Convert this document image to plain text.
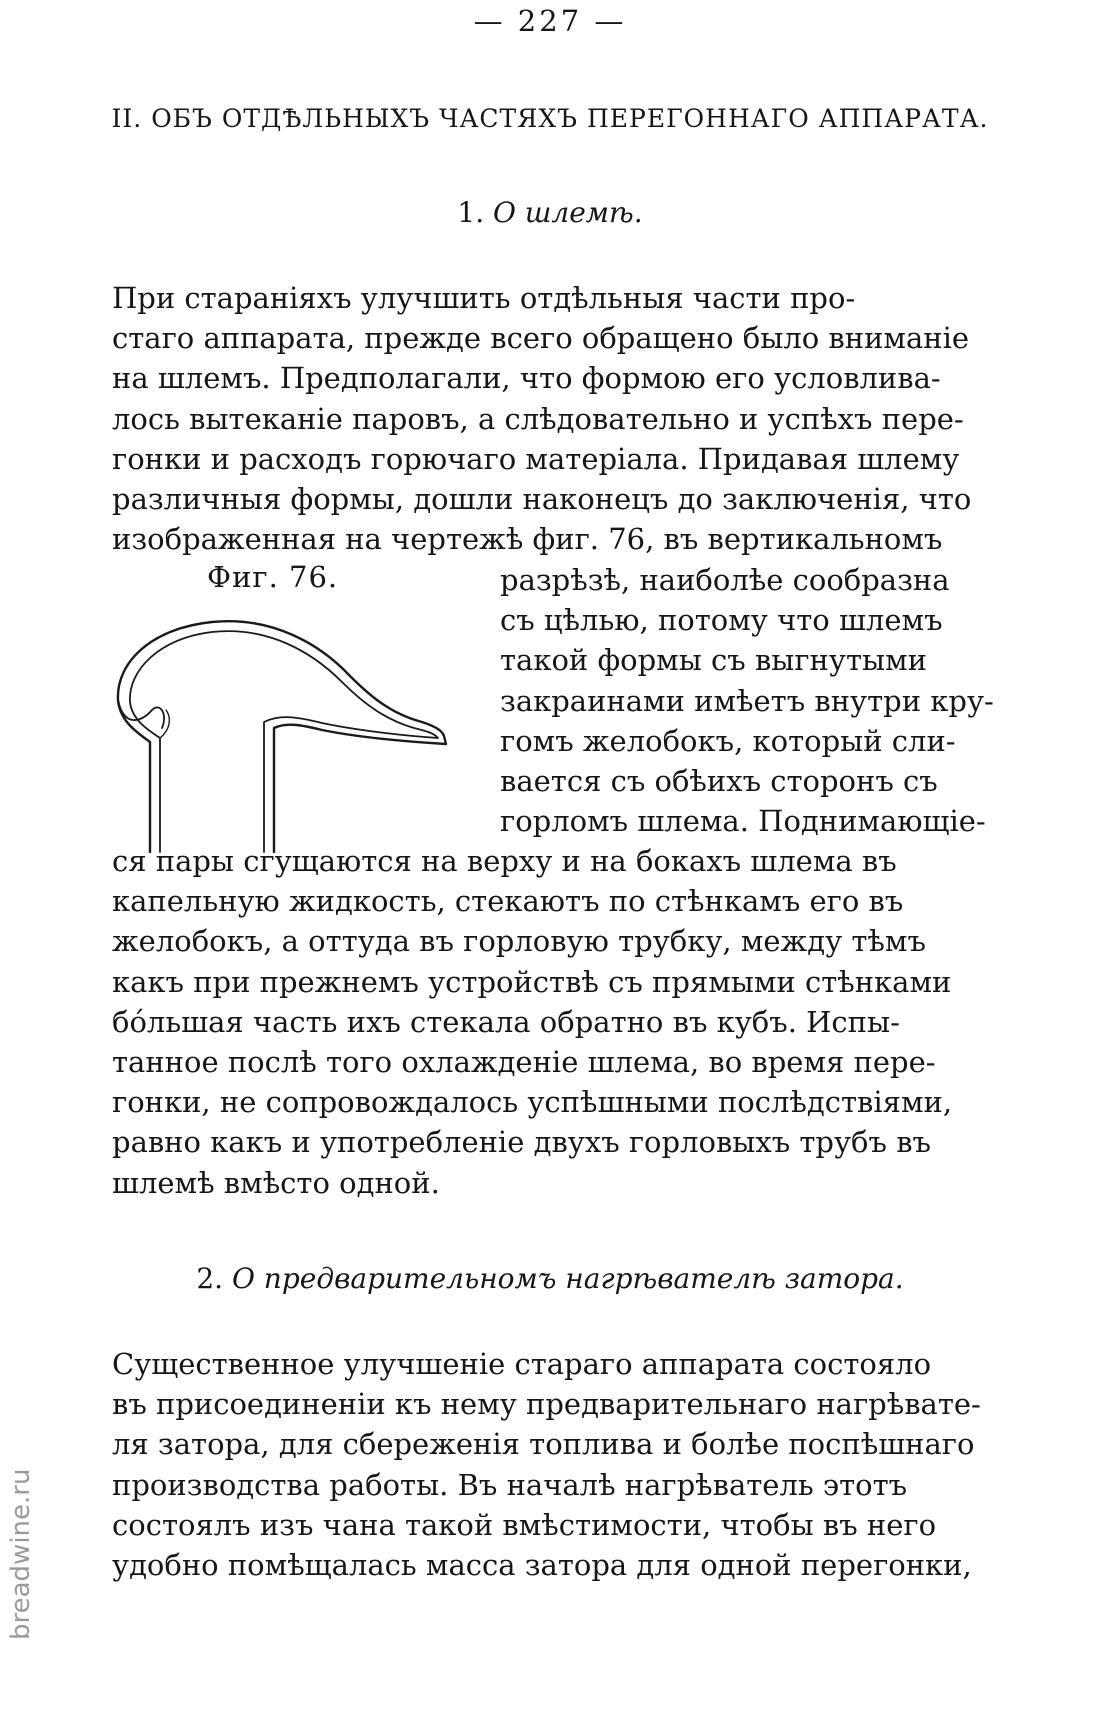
— 227 —
II. ОБЪ ОТДѢЛЬНЫХЪ ЧАСТЯХЪ ПЕРЕГОННАГО АППАРАТА.
1. О шлемѣ.
При стараніяхъ улучшить отдѣльныя части про-
стаго аппарата, прежде всего обращено было вниманіе
на шлемъ. Предполагали, что формою его условлива-
лось вытеканіе паровъ, а слѣдовательно и успѣхъ пере-
гонки и расходъ горючаго матеріала. Придавая шлему
различныя формы, дошли наконецъ до заключенія, что
изображенная на чертежѣ фиг. 76, въ вертикальномъ
Фиг. 76.	разрѣзѣ, наиболѣе сообразна
съ цѣлью, потому что шлемъ
такой формы съ выгнутыми
закраинами имѣетъ внутри кру-
гомъ желобокъ, который сли-
вается съ обѣихъ сторонъ съ
горломъ шлема. Поднимающіе-
ся пары сгущаются на верху и на бокахъ шлема въ
капельную жидкость, стекаютъ по стѣнкамъ его въ
желобокъ, а оттуда въ горловую трубку, между тѣмъ
какъ при прежнемъ устройствѣ съ прямыми стѣнками
бо́льшая часть ихъ стекала обратно въ кубъ. Испы-
танное послѣ того охлажденіе шлема, во время пере-
гонки, не сопровождалось успѣшными послѣдствіями,
равно какъ и употребленіе двухъ горловыхъ трубъ въ
шлемѣ вмѣсто одной.
2. О предварительномъ нагрѣвателѣ затора.
Существенное улучшеніе стараго аппарата состояло
въ присоединеніи къ нему предварительнаго нагрѣвате-
ля затора, для сбереженія топлива и болѣе поспѣшнаго
производства работы. Въ началѣ нагрѣватель этотъ
состоялъ изъ чана такой вмѣстимости, чтобы въ него
удобно помѣщалась масса затора для одной перегонки,
breadwine.ru
